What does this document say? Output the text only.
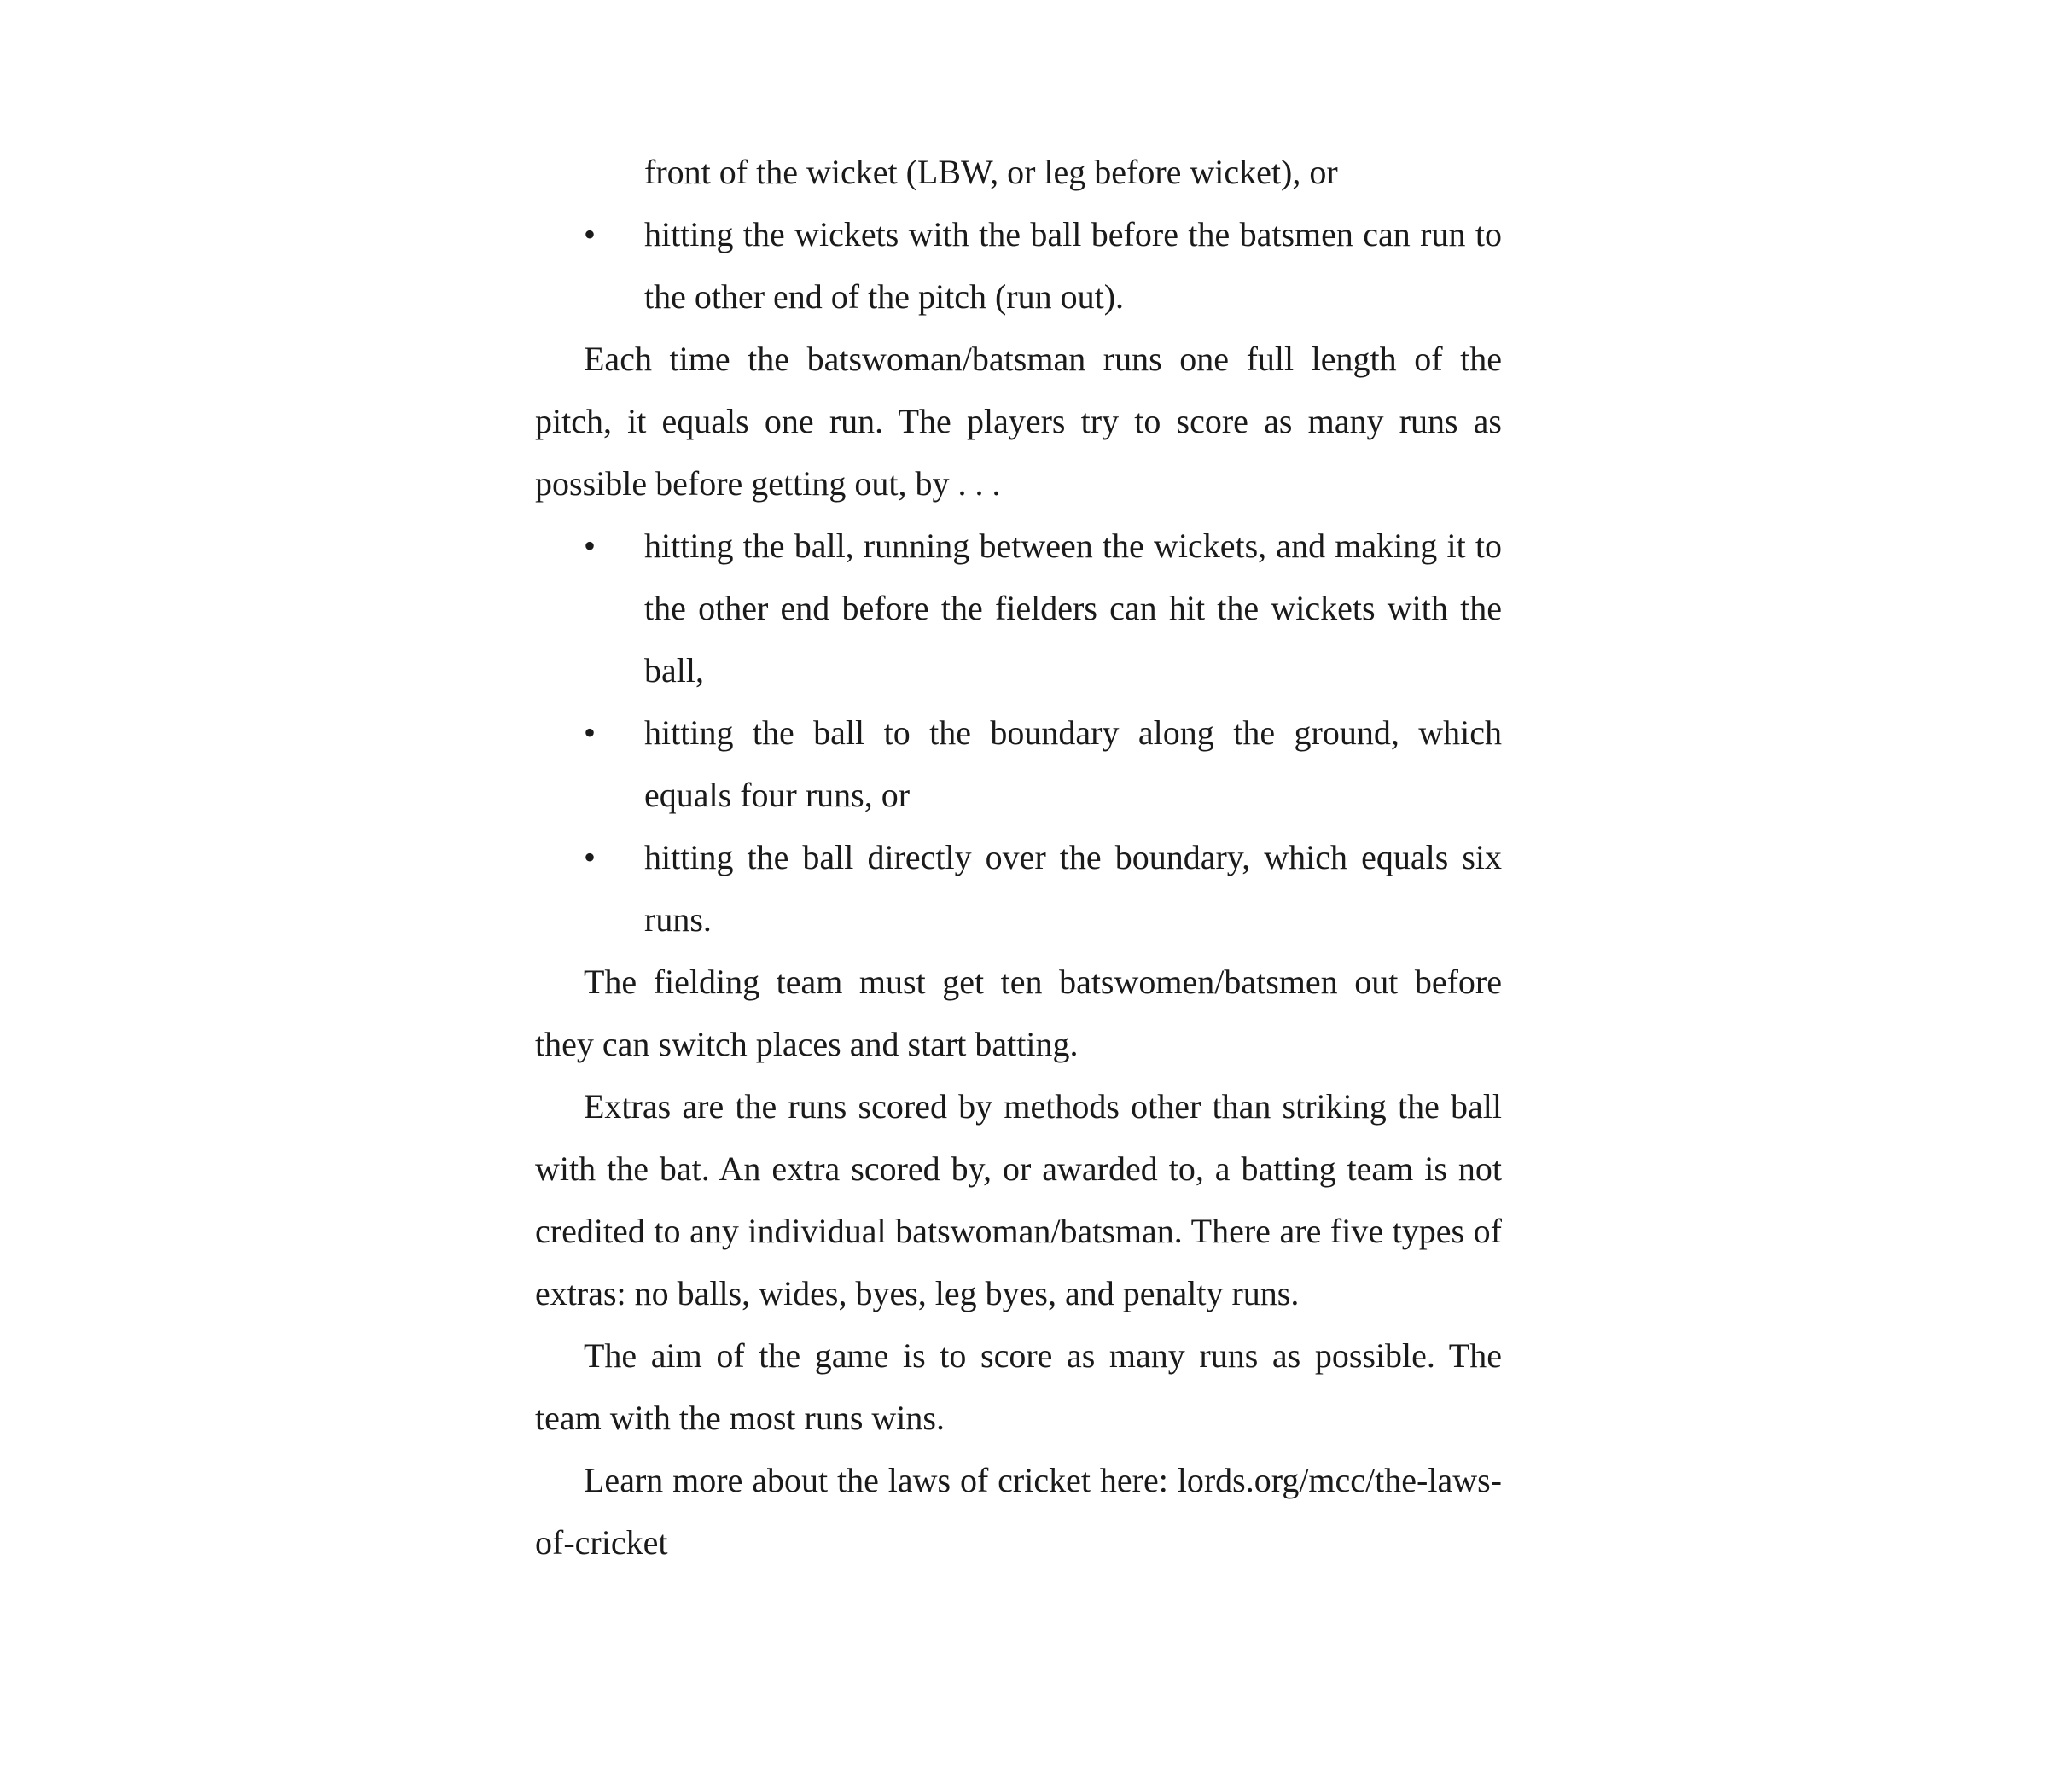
front of the wicket (LBW, or leg before wicket), or

• hitting the wickets with the ball before the batsmen can run to the other end of the pitch (run out).

Each time the batswoman/batsman runs one full length of the pitch, it equals one run. The players try to score as many runs as possible before getting out, by . . .

• hitting the ball, running between the wickets, and making it to the other end before the fielders can hit the wickets with the ball,
• hitting the ball to the boundary along the ground, which equals four runs, or
• hitting the ball directly over the boundary, which equals six runs.

The fielding team must get ten batswomen/batsmen out before they can switch places and start batting.

Extras are the runs scored by methods other than striking the ball with the bat. An extra scored by, or awarded to, a batting team is not credited to any individual batswoman/batsman. There are five types of extras: no balls, wides, byes, leg byes, and penalty runs.

The aim of the game is to score as many runs as possible. The team with the most runs wins.

Learn more about the laws of cricket here: lords.org/mcc/the-laws-of-cricket
